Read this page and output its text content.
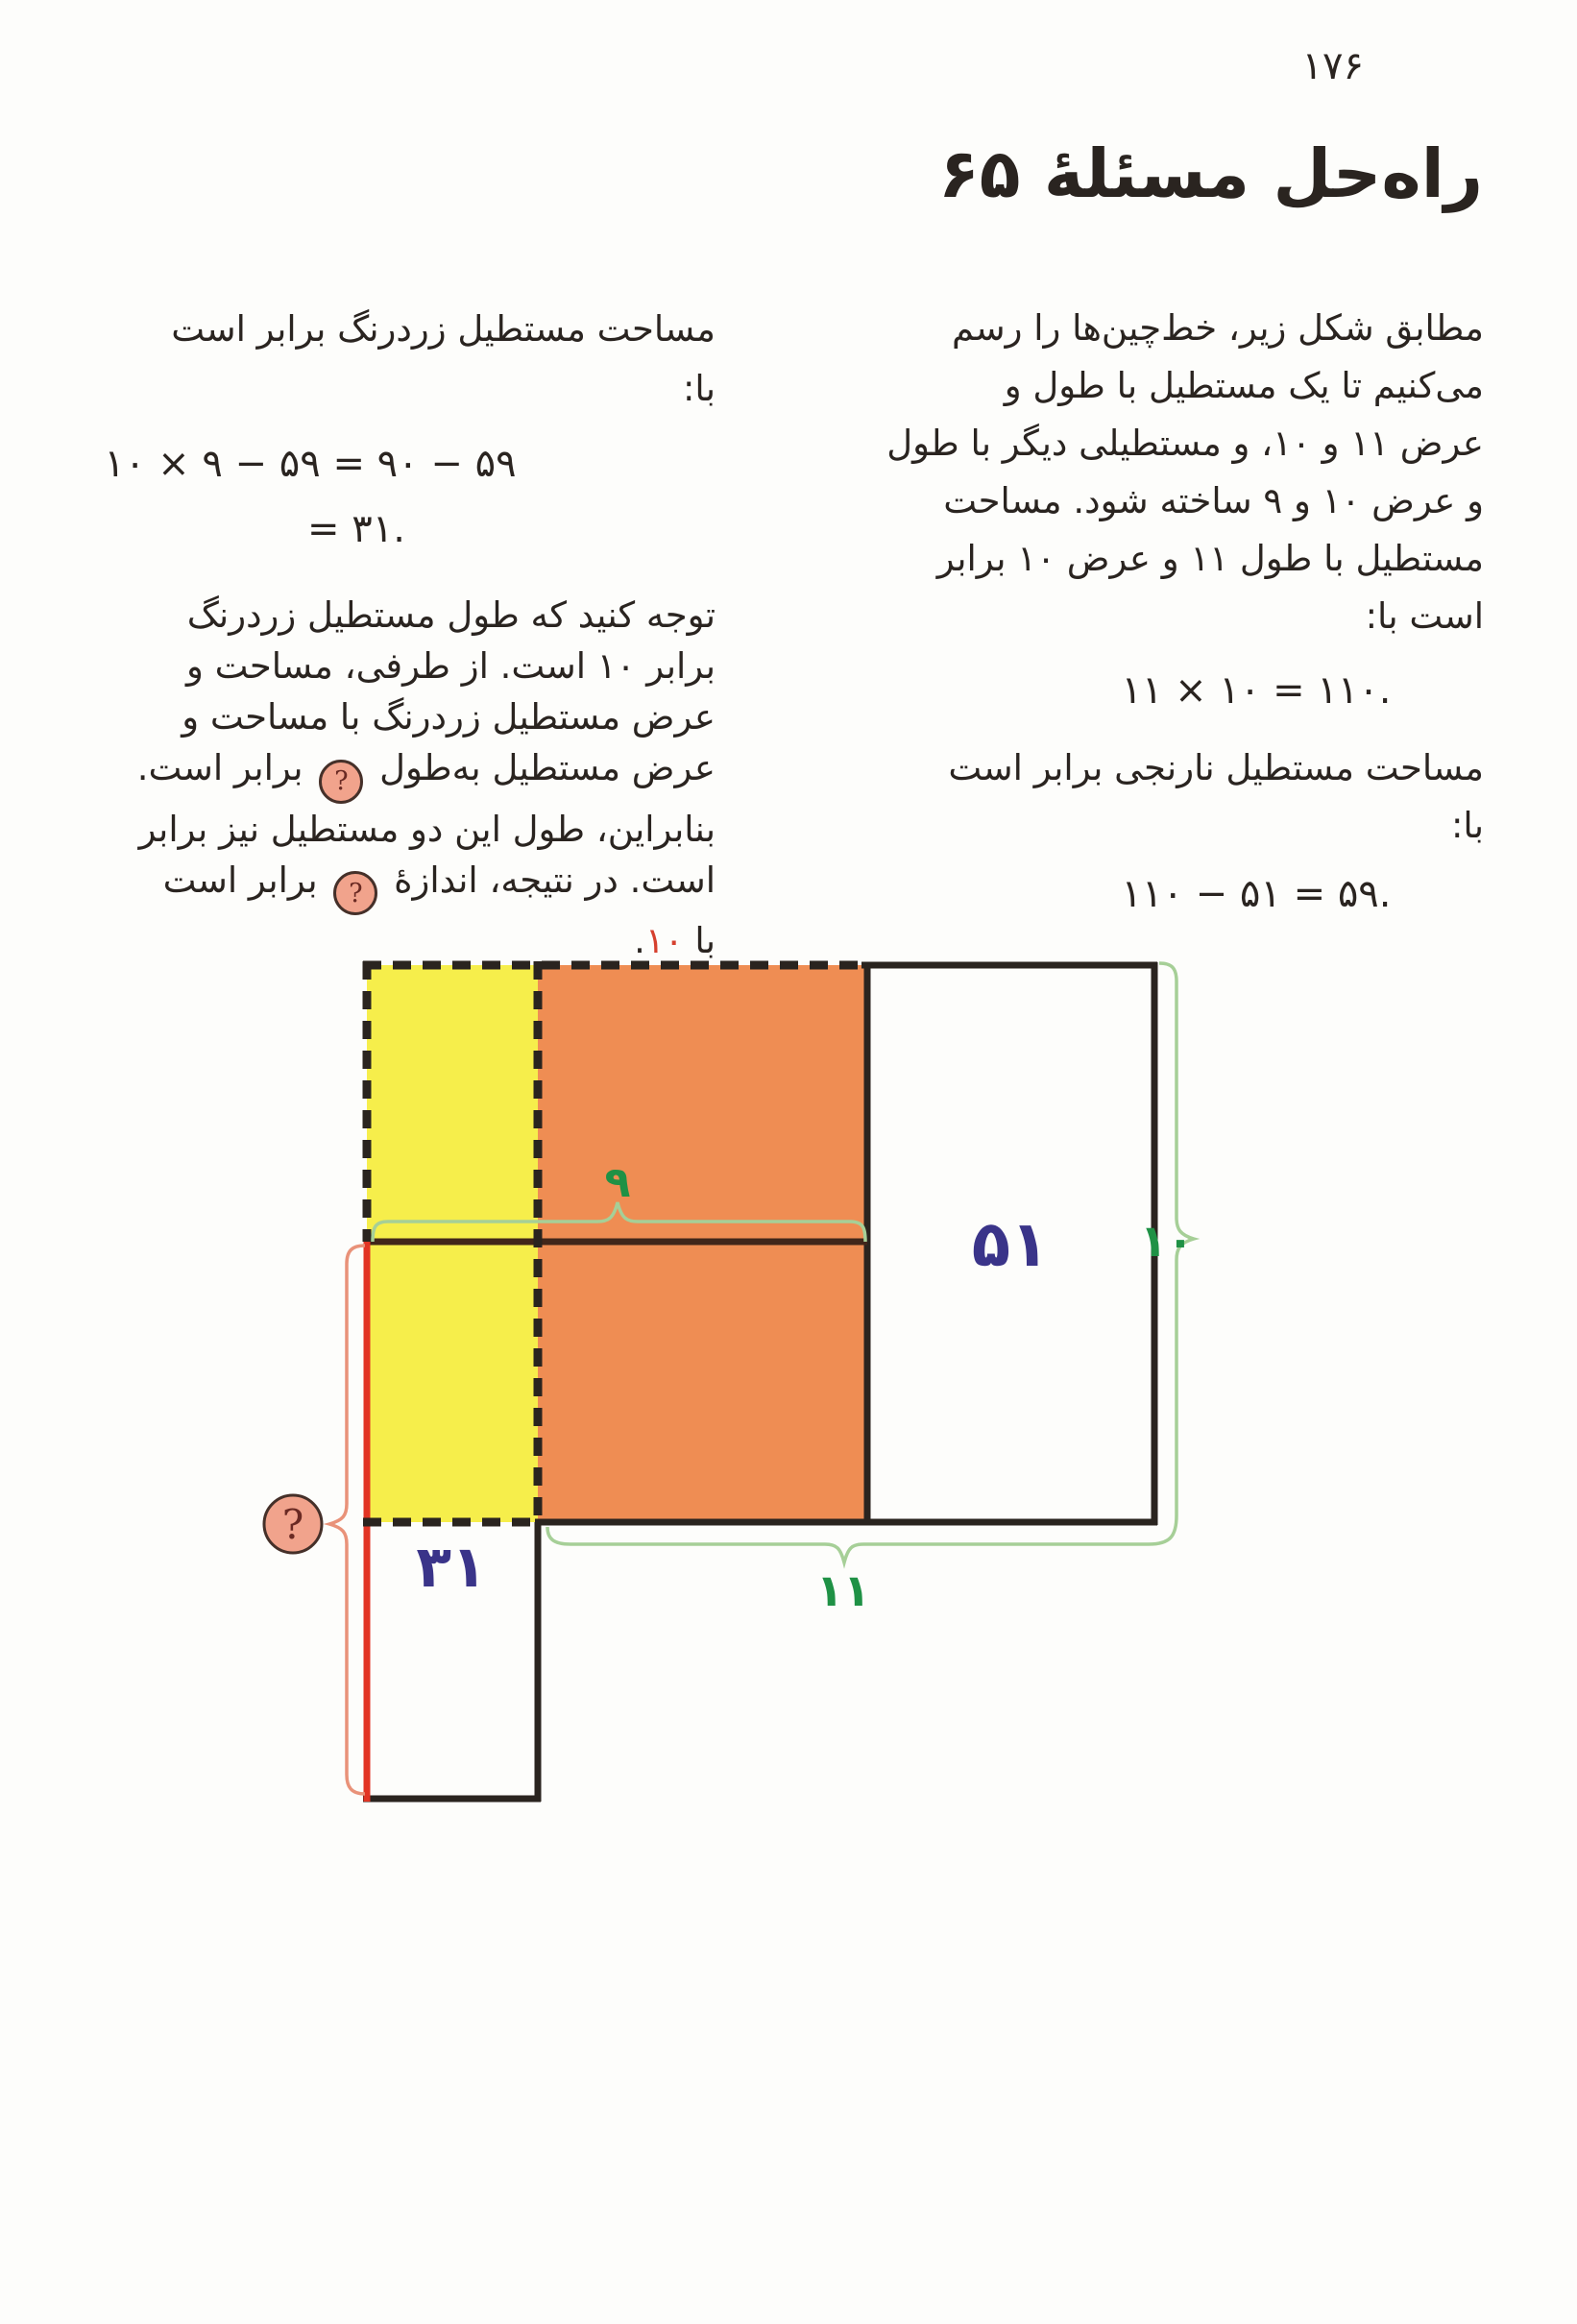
۱۷۶
راه‌حل مسئلهٔ ۶۵
مطابق شکل زیر، خط‌چین‌ها را رسم
می‌کنیم تا یک مستطیل با طول و
عرض ۱۱ و ۱۰، و مستطیلی دیگر با طول
و عرض ۱۰ و ۹ ساخته شود. مساحت
مستطیل با طول ۱۱ و عرض ۱۰ برابر
است با:
۱۱ × ۱۰ = ۱۱۰.
مساحت مستطیل نارنجی برابر است
با:
۱۱۰ − ۵۱ = ۵۹.
مساحت مستطیل زردرنگ برابر است
با:
۱۰ × ۹ − ۵۹ = ۹۰ − ۵۹
= ۳۱.
توجه کنید که طول مستطیل زردرنگ
برابر ۱۰ است. از طرفی، مساحت و
عرض مستطیل زردرنگ با مساحت و
عرض مستطیل به‌طول ? برابر است.
بنابراین، طول این دو مستطیل نیز برابر
است. در نتیجه، اندازهٔ ? برابر است
با ۱۰.
?
۹
۱۰
۱۱
۵۱
۳۱
